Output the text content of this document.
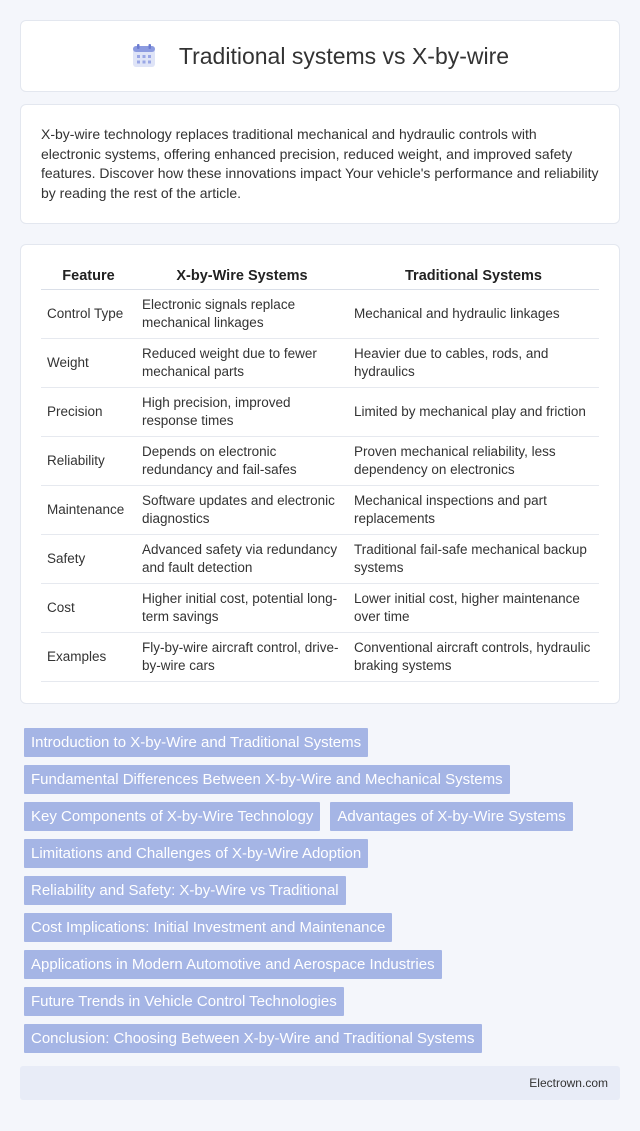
Traditional systems vs X-by-wire

X-by-wire technology replaces traditional mechanical and hydraulic controls with electronic systems, offering enhanced precision, reduced weight, and improved safety features. Discover how these innovations impact Your vehicle's performance and reliability by reading the rest of the article.

Feature	X-by-Wire Systems	Traditional Systems
Control Type	Electronic signals replace mechanical linkages	Mechanical and hydraulic linkages
Weight	Reduced weight due to fewer mechanical parts	Heavier due to cables, rods, and hydraulics
Precision	High precision, improved response times	Limited by mechanical play and friction
Reliability	Depends on electronic redundancy and fail-safes	Proven mechanical reliability, less dependency on electronics
Maintenance	Software updates and electronic diagnostics	Mechanical inspections and part replacements
Safety	Advanced safety via redundancy and fault detection	Traditional fail-safe mechanical backup systems
Cost	Higher initial cost, potential long-term savings	Lower initial cost, higher maintenance over time
Examples	Fly-by-wire aircraft control, drive-by-wire cars	Conventional aircraft controls, hydraulic braking systems
Introduction to X-by-Wire and Traditional Systems
Fundamental Differences Between X-by-Wire and Mechanical Systems
Key Components of X-by-Wire Technology	Advantages of X-by-Wire Systems
Limitations and Challenges of X-by-Wire Adoption
Reliability and Safety: X-by-Wire vs Traditional
Cost Implications: Initial Investment and Maintenance
Applications in Modern Automotive and Aerospace Industries
Future Trends in Vehicle Control Technologies
Conclusion: Choosing Between X-by-Wire and Traditional Systems
Electrown.com
